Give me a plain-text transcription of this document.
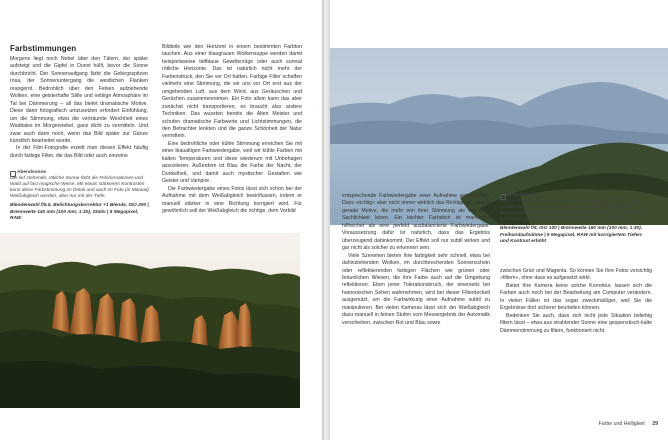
Farbstimmungen

Morgens liegt noch Nebel über den Tälern, der später aufsteigt und die Gipfel in Dunst hüllt, bevor die Sonne durchbricht. Der Sonnenaufgang färbt die Gebirgsspitzen rosa, der Sonnenuntergang die westlichen Flanken orangerot. Bedrohlich über den Felsen aufziehende Wolken, eine geisterhafte Stille und neblige Atmosphäre im Tal bei Dämmerung – all das bietet dramatische Motive. Diese dann fotografisch umzusetzen erfordert Einfühlung, um die Stimmung, etwa die verträumte Weichheit eines Waldtales im Morgennebel, ganz dicht zu vermitteln. Und zwar auch dann noch, wenn das Bild später zur Gänze künstlich bearbeitet wurde.

In der Film-Fotografie erzielt man diesen Effekt häufig durch farbige Filter, die das Bild oder auch einzelne

Bildteile wie den Horizont in einem bestimmten Farbton tauchen. Aus einer blaugrauen Wolkensuppe werden damit beispielsweise tiefblaue Gewitterzüge oder auch surreal rötliche Horizonte. Das ist natürlich nicht mehr der Farbeindruck, den Sie vor Ort hatten. Farbige Filter schaffen vielmehr eine Stimmung, die wir uns vor Ort erst aus der umgebenden Luft, aus dem Wind, aus Geräuschen und Gerüchen zusammenreimen. Ein Foto allein kann das aber zunächst nicht transportieren, es braucht also andere Techniken. Das wussten bereits die Alten Meister und schufen dramatische Farbwerte und Lichtstimmungen, die den Betrachter lenkten und die ganze Schönheit der Natur vermitteln.

Eine bedrohliche oder kühle Stimmung erreichen Sie mit einer blaualtigen Farbwiedergabe, weil wir kühle Farben mit kalten Temperaturen und diese wiederum mit Unbehagen assoziieren. Außerdem ist Blau die Farbe der Nacht, der Dunkelheit, und damit auch mystischer Gestalten wie Geister und Vampire.

Die Farbwiedergabe eines Fotos lässt sich schon bei der Aufnahme mit dem Weißabgleich beeinflussen, indem er manuell stärker in eine Richtung korrigiert wird. Für gewöhnlich soll der Weißabgleich die richtige, dem Vorbild

Abendsonne
Die tief stehende, rötliche Sonne färbt die Felsformationen und Wald auf fast magische Weise. Mit etwas stärkerem Kontrasten kann diese Farbstimmung im Detail und auch im Foto (in Manual) Weißabgleich werden, aber nur mit der Tiefe.
Blendenwahl f/5.6, Belichtungskorrektur +1 Blende, ISO 200 | Brennweite 140 mm (100 mm; 1:30), Stativ | 8 Megapixel, RAW

entsprechende Farbwiedergabe einer Aufnahme sicherstellen. Dass »richtig« aber nicht immer wirklich das Richtige ist, zeigen gerade Motive, die mehr von ihrer Stimmung als von ihrer Sachlichkeit leben. Ein leichter Farbstich ist manchmal hilfreicher als eine perfekt ausbalancierte Farbwiedergabe. Voraussetzung dafür ist natürlich, dass das Ergebnis überzeugend dahinkommt. Der Effekt soll nur subtil wirken und gar nicht als solcher zu erkennen sein.

Viele Szenerien bieten ihre farbigkeit sehr schnell, etwa bei dahinziehenden Wolken, im durchbrechenden Sonnenschein oder reflektierenden farbigen Flächen wie grünen oder bräunlichen Wiesen, die ihre Farbe auch auf die Umgebung reflektieren. Eben jener Tolerationsbruch, der einerseits bei hamonischen Sehen wahrnehmen, wird bei dieser Filterdeckelt ausgenutzt, um die Farbwirkung einer Aufnahme subtil zu manipulieren. Bei vielen Kameras lässt sich der Weißabgleich dazu manuell in feinen Stufen vom Messergebnis der Automatik verschieben, zwischen Rot und Blau sowie

Luftperspektive
Hier, in Schweden wurde aus dem See ein blaues Ton, aus einem grauen Himmel eine Luftperspektive. Der Himmel und die Berge wurden für ihre Aufnahme in Kontrast und Farbe angepasst, die diese Stimmung auch dem Bild unterstreichen, wenn auch mit Ruhe.
Blendenwahl f/8, ISO 100 | Brennweite 160 mm (100 mm; 1:30), Freihandaufnahme | 8 Megapixel, RAW mit korrigiertem Tiefen- und Kontrast erhöht

zwischen Grün und Magenta. So können Sie Ihre Fotos vorsichtig »filtern«, ohne dass es aufgesetzt wirkt.

Bietet Ihre Kamera keine solche Korrektur, lassen sich die Farben auch noch bei der Bearbeitung am Computer verändern. In vielen Fällen ist das sogar zweckmäßiger, weil Sie die Ergebnisse dort sicherer beurteilen können.

Bedenken Sie auch, dass sich nicht jede Situation beliebig filtern lässt – etwa aus strahlender Sonne eine gespenstisch-kalte Dämmerstimmung zu filtern, funktioniert nicht.

Farbe und Helligkeit 29
